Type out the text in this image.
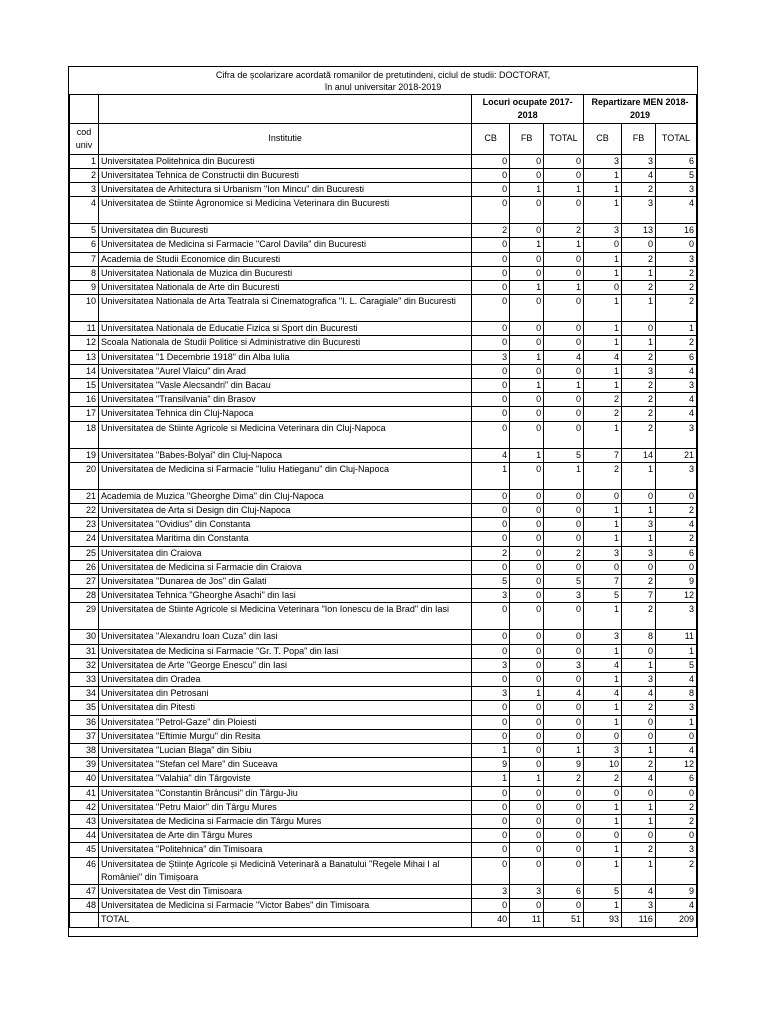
Cifra de școlarizare acordată romanilor de pretutindeni, ciclul de studii: DOCTORAT,
în anul universitar 2018-2019
		Locuri ocupate 2017-2018			Repartizare MEN 2018-2019		
cod univ	Institutie	CB	FB	TOTAL	CB	FB	TOTAL
1	Universitatea Politehnica din Bucuresti	0	0	0	3	3	6
2	Universitatea Tehnica de Constructii din Bucuresti	0	0	0	1	4	5
3	Universitatea de Arhitectura si Urbanism "Ion Mincu" din Bucuresti	0	1	1	1	2	3
4	Universitatea de Stiinte Agronomice si Medicina Veterinara din Bucuresti	0	0	0	1	3	4
5	Universitatea din Bucuresti	2	0	2	3	13	16
6	Universitatea de Medicina si Farmacie "Carol Davila" din Bucuresti	0	1	1	0	0	0
7	Academia de Studii Economice din Bucuresti	0	0	0	1	2	3
8	Universitatea Nationala de Muzica din Bucuresti	0	0	0	1	1	2
9	Universitatea Nationala de Arte din Bucuresti	0	1	1	0	2	2
10	Universitatea Nationala de Arta Teatrala si Cinematografica "I. L. Caragiale" din Bucuresti	0	0	0	1	1	2
11	Universitatea Nationala de Educatie Fizica si Sport din Bucuresti	0	0	0	1	0	1
12	Scoala Nationala de Studii Politice si Administrative din Bucuresti	0	0	0	1	1	2
13	Universitatea "1 Decembrie 1918" din Alba Iulia	3	1	4	4	2	6
14	Universitatea "Aurel Vlaicu" din Arad	0	0	0	1	3	4
15	Universitatea "Vasle Alecsandri" din Bacau	0	1	1	1	2	3
16	Universitatea "Transilvania" din Brasov	0	0	0	2	2	4
17	Universitatea Tehnica din Cluj-Napoca	0	0	0	2	2	4
18	Universitatea de Stiinte Agricole si Medicina Veterinara din Cluj-Napoca	0	0	0	1	2	3
19	Universitatea "Babes-Bolyai" din Cluj-Napoca	4	1	5	7	14	21
20	Universitatea de Medicina si Farmacie "Iuliu Hatieganu" din Cluj-Napoca	1	0	1	2	1	3
21	Academia de Muzica "Gheorghe Dima" din Cluj-Napoca	0	0	0	0	0	0
22	Universitatea de Arta si Design din Cluj-Napoca	0	0	0	1	1	2
23	Universitatea "Ovidius" din Constanta	0	0	0	1	3	4
24	Universitatea Maritima din Constanta	0	0	0	1	1	2
25	Universitatea din Craiova	2	0	2	3	3	6
26	Universitatea de Medicina si Farmacie din Craiova	0	0	0	0	0	0
27	Universitatea "Dunarea de Jos" din Galati	5	0	5	7	2	9
28	Universitatea Tehnica "Gheorghe Asachi" din Iasi	3	0	3	5	7	12
29	Universitatea de Stiinte Agricole si Medicina Veterinara "Ion Ionescu de la Brad" din Iasi	0	0	0	1	2	3
30	Universitatea "Alexandru Ioan Cuza" din Iasi	0	0	0	3	8	11
31	Universitatea de Medicina si Farmacie "Gr. T. Popa" din Iasi	0	0	0	1	0	1
32	Universitatea de Arte "George Enescu" din Iasi	3	0	3	4	1	5
33	Universitatea din Oradea	0	0	0	1	3	4
34	Universitatea din Petrosani	3	1	4	4	4	8
35	Universitatea din Pitesti	0	0	0	1	2	3
36	Universitatea "Petrol-Gaze" din Ploiesti	0	0	0	1	0	1
37	Universitatea "Eftimie Murgu" din Resita	0	0	0	0	0	0
38	Universitatea "Lucian Blaga" din Sibiu	1	0	1	3	1	4
39	Universitatea "Stefan cel Mare" din Suceava	9	0	9	10	2	12
40	Universitatea "Valahia" din Târgoviste	1	1	2	2	4	6
41	Universitatea "Constantin Brâncusi" din Târgu-Jiu	0	0	0	0	0	0
42	Universitatea "Petru Maior" din Târgu Mures	0	0	0	1	1	2
43	Universitatea de Medicina si Farmacie din Târgu Mures	0	0	0	1	1	2
44	Universitatea de Arte din Târgu Mures	0	0	0	0	0	0
45	Universitatea "Politehnica" din Timisoara	0	0	0	1	2	3
46	Universitatea de Științe Agricole și Medicină Veterinară a Banatului "Regele Mihai I al României" din Timișoara	0	0	0	1	1	2
47	Universitatea de Vest din Timisoara	3	3	6	5	4	9
48	Universitatea de Medicina si Farmacie "Victor Babes" din Timisoara	0	0	0	1	3	4
	TOTAL	40	11	51	93	116	209
